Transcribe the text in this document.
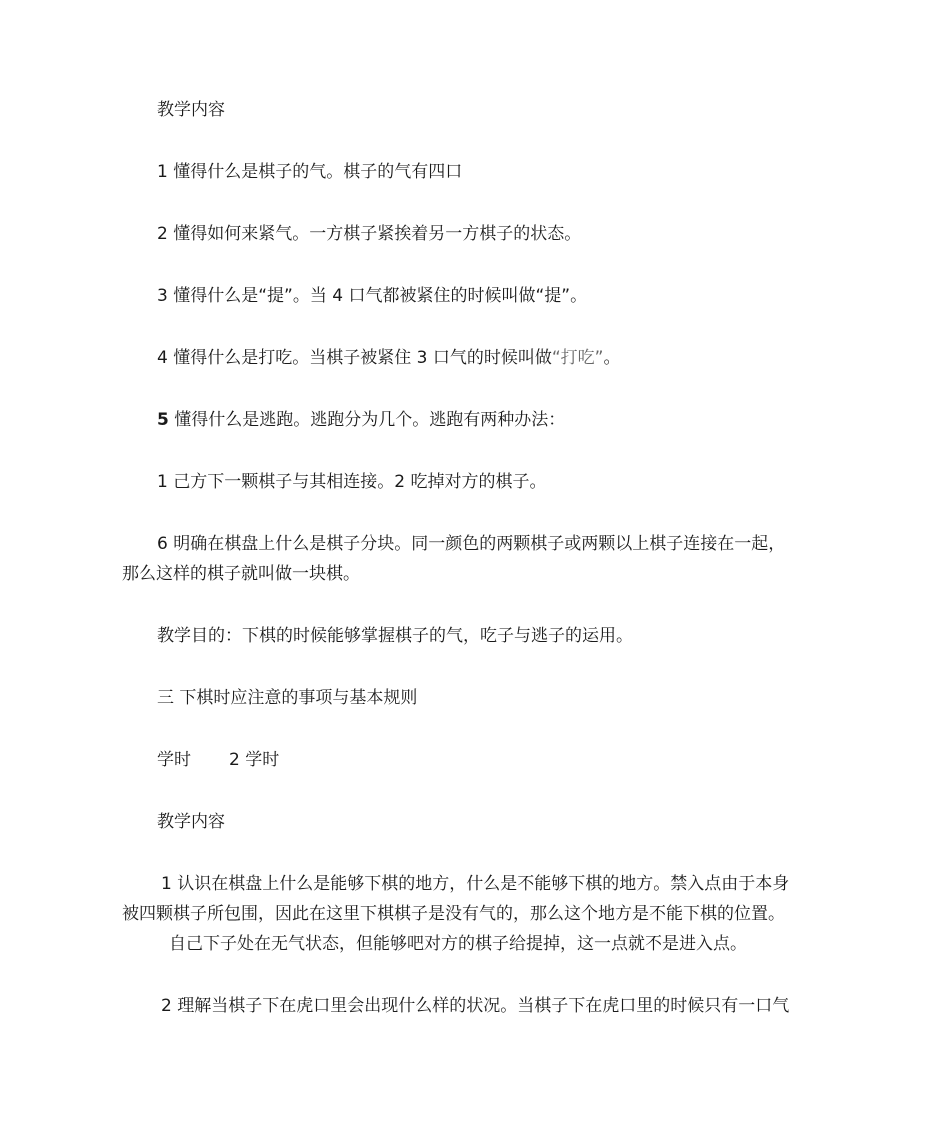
教学内容
1 懂得什么是棋子的气。棋子的气有四口
2 懂得如何来紧气。一方棋子紧挨着另一方棋子的状态。
3 懂得什么是“提”。当 4 口气都被紧住的时候叫做“提”。
4 懂得什么是打吃。当棋子被紧住 3 口气的时候叫做“打吃”。
5 懂得什么是逃跑。逃跑分为几个。逃跑有两种办法：
1 己方下一颗棋子与其相连接。2 吃掉对方的棋子。
6 明确在棋盘上什么是棋子分块。同一颜色的两颗棋子或两颗以上棋子连接在一起，
那么这样的棋子就叫做一块棋。
教学目的：下棋的时候能够掌握棋子的气，吃子与逃子的运用。
三 下棋时应注意的事项与基本规则
学时 2 学时
教学内容
1 认识在棋盘上什么是能够下棋的地方，什么是不能够下棋的地方。禁入点由于本身
被四颗棋子所包围，因此在这里下棋棋子是没有气的，那么这个地方是不能下棋的位置。
自己下子处在无气状态，但能够吧对方的棋子给提掉，这一点就不是进入点。
2 理解当棋子下在虎口里会出现什么样的状况。当棋子下在虎口里的时候只有一口气
